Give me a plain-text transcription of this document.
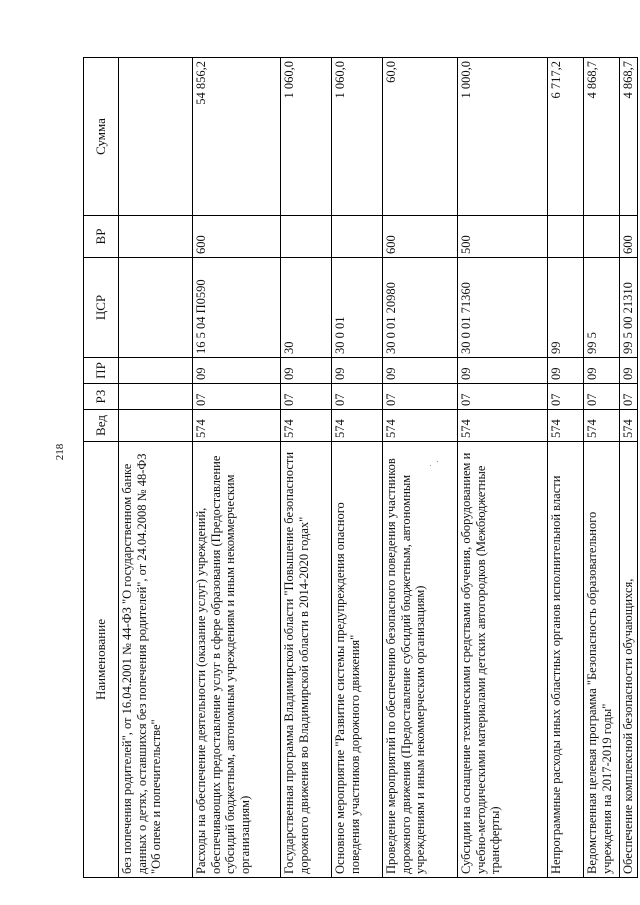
218
Наименование	Вед	РЗ	ПР	ЦСР	ВР	Сумма
без попечения родителей", от 16.04.2001 № 44-ФЗ "О государственном банке данных о детях, оставшихся без попечения родителей", от 24.04.2008 № 48-ФЗ "Об опеке и попечительстве"						
Расходы на обеспечение деятельности (оказание услуг) учреждений, обеспечивающих предоставление услуг в сфере образования (Предоставление субсидий бюджетным, автономным учреждениям и иным некоммерческим организациям)	574	07	09	16 5 04 П0590	600	54 856,2
Государственная программа Владимирской области "Повышение безопасности дорожного движения во Владимирской области в 2014-2020 годах"	574	07	09	30		1 060,0
Основное мероприятие "Развитие системы предупреждения опасного поведения участников дорожного движения"	574	07	09	30 0 01		1 060,0
Проведение мероприятий по обеспечению безопасного поведения участников дорожного движения (Предоставление субсидий бюджетным, автономным учреждениям и иным некоммерческим организациям)	574	07	09	30 0 01 20980	600	60,0
Субсидии на оснащение техническими средствами обучения, оборудованием и учебно-методическими материалами детских автогородков (Межбюджетные трансферты)	574	07	09	30 0 01 71360	500	1 000,0
Непрограммные расходы иных областных органов исполнительной власти	574	07	09	99		6 717,2
Ведомственная целевая программа "Безопасность образовательного учреждения на 2017-2019 годы"	574	07	09	99 5		4 868,7
Обеспечение комплексной безопасности обучающихся,	574	07	09	99 5 00 21310	600	4 868,7
